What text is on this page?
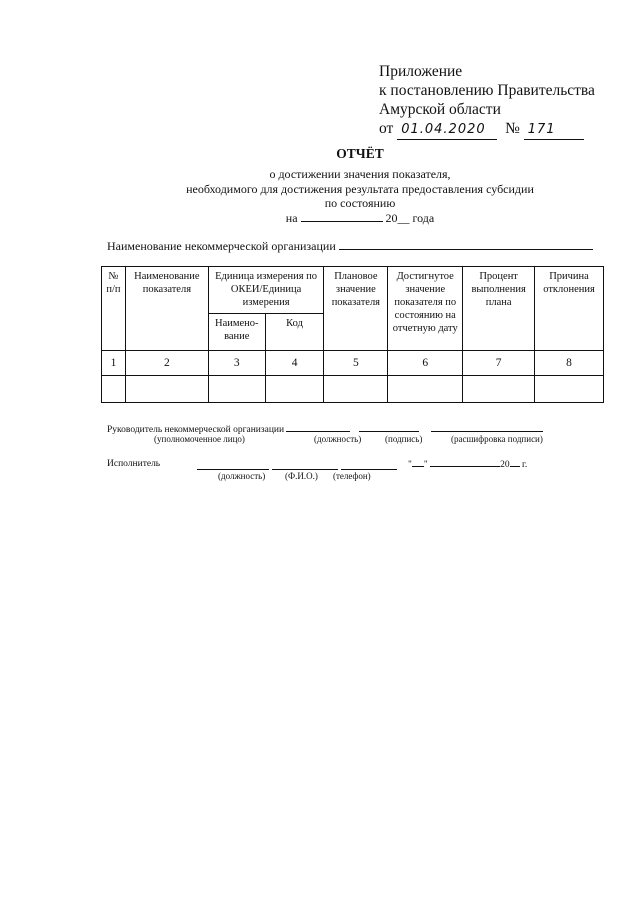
Приложение
к постановлению Правительства
Амурской области
от 01.04.2020 № 171
ОТЧЁТ
о достижении значения показателя,
необходимого для достижения результата предоставления субсидии
по состоянию
на	20__ года
Наименование некоммерческой организации
№ п/п	Наименование показателя	Единица измерения по ОКЕИ/Единица измерения		Плановое значение показателя	Достигнутое значение показателя по состоянию на отчетную дату	Процент выполнения плана	Причина отклонения
		Наимено-вание	Код				
1	2	3	4	5	6	7	8

Руководитель некоммерческой организации
(уполномоченное лицо)	(должность)	(подпись)	(расшифровка подписи)
Исполнитель	" "	20 г.
(должность) (Ф.И.О.) (телефон)
